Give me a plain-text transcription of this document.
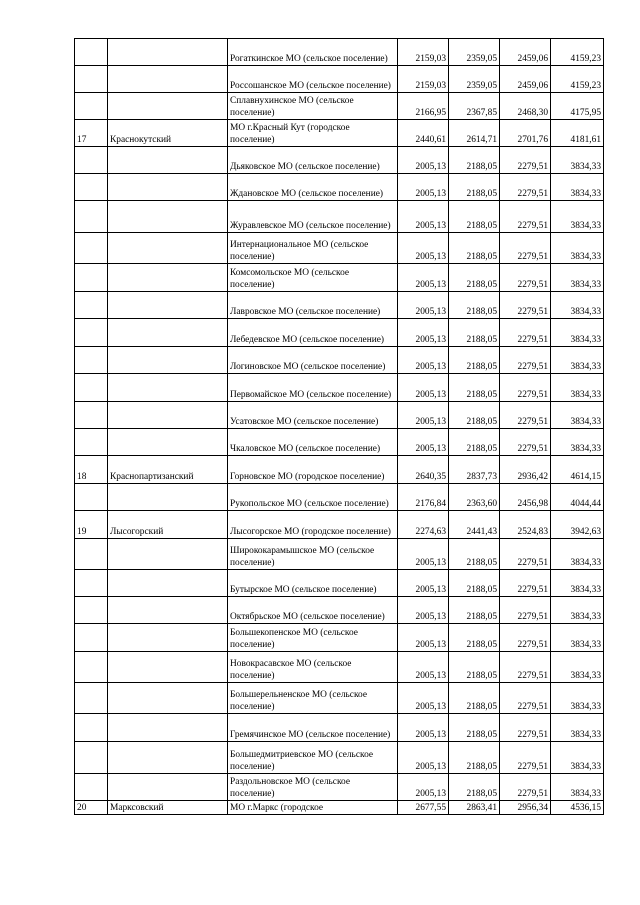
		Рогаткинское МО (сельское поселение)	2159,03	2359,05	2459,06	4159,23
		Россошанское МО (сельское поселение)	2159,03	2359,05	2459,06	4159,23
		Сплавнухинское МО (сельское поселение)	2166,95	2367,85	2468,30	4175,95
17	Краснокутский	МО г.Красный Кут (городское поселение)	2440,61	2614,71	2701,76	4181,61
		Дьяковское МО (сельское поселение)	2005,13	2188,05	2279,51	3834,33
		Ждановское МО (сельское поселение)	2005,13	2188,05	2279,51	3834,33
		Журавлевское МО (сельское поселение)	2005,13	2188,05	2279,51	3834,33
		Интернациональное МО (сельское поселение)	2005,13	2188,05	2279,51	3834,33
		Комсомольское МО (сельское поселение)	2005,13	2188,05	2279,51	3834,33
		Лавровское МО (сельское поселение)	2005,13	2188,05	2279,51	3834,33
		Лебедевское МО (сельское поселение)	2005,13	2188,05	2279,51	3834,33
		Логиновское МО (сельское поселение)	2005,13	2188,05	2279,51	3834,33
		Первомайское МО (сельское поселение)	2005,13	2188,05	2279,51	3834,33
		Усатовское МО (сельское поселение)	2005,13	2188,05	2279,51	3834,33
		Чкаловское МО (сельское поселение)	2005,13	2188,05	2279,51	3834,33
18	Краснопартизанский	Горновское МО (городское поселение)	2640,35	2837,73	2936,42	4614,15
		Рукопольское МО (сельское поселение)	2176,84	2363,60	2456,98	4044,44
19	Лысогорский	Лысогорское МО (городское поселение)	2274,63	2441,43	2524,83	3942,63
		Ширококарамышское МО (сельское поселение)	2005,13	2188,05	2279,51	3834,33
		Бутырское МО (сельское поселение)	2005,13	2188,05	2279,51	3834,33
		Октябрьское МО (сельское поселение)	2005,13	2188,05	2279,51	3834,33
		Большекопенское МО (сельское поселение)	2005,13	2188,05	2279,51	3834,33
		Новокрасавское МО (сельское поселение)	2005,13	2188,05	2279,51	3834,33
		Большерельненское МО (сельское поселение)	2005,13	2188,05	2279,51	3834,33
		Гремячинское МО (сельское поселение)	2005,13	2188,05	2279,51	3834,33
		Большедмитриевское МО (сельское поселение)	2005,13	2188,05	2279,51	3834,33
		Раздольновское МО (сельское поселение)	2005,13	2188,05	2279,51	3834,33
20	Марксовский	МО г.Маркс (городское	2677,55	2863,41	2956,34	4536,15
